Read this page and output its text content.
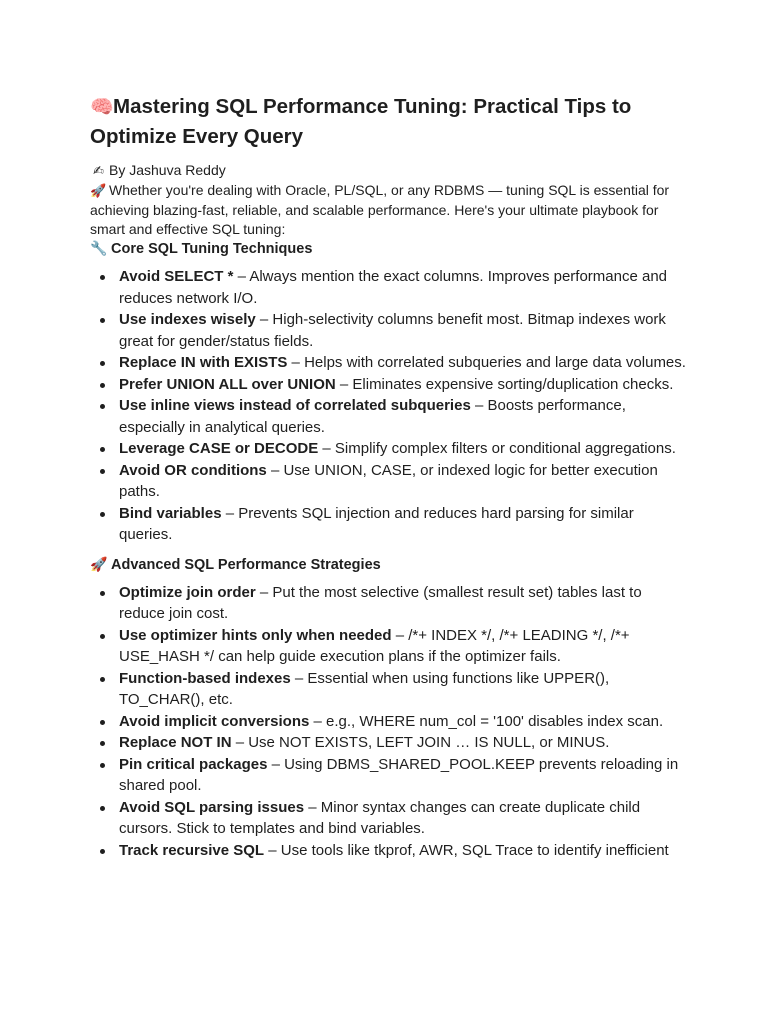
🧠Mastering SQL Performance Tuning: Practical Tips to Optimize Every Query
✍ By Jashuva Reddy
🚀 Whether you're dealing with Oracle, PL/SQL, or any RDBMS — tuning SQL is essential for achieving blazing-fast, reliable, and scalable performance. Here's your ultimate playbook for smart and effective SQL tuning:
🔧 Core SQL Tuning Techniques
Avoid SELECT * – Always mention the exact columns. Improves performance and reduces network I/O.
Use indexes wisely – High-selectivity columns benefit most. Bitmap indexes work great for gender/status fields.
Replace IN with EXISTS – Helps with correlated subqueries and large data volumes.
Prefer UNION ALL over UNION – Eliminates expensive sorting/duplication checks.
Use inline views instead of correlated subqueries – Boosts performance, especially in analytical queries.
Leverage CASE or DECODE – Simplify complex filters or conditional aggregations.
Avoid OR conditions – Use UNION, CASE, or indexed logic for better execution paths.
Bind variables – Prevents SQL injection and reduces hard parsing for similar queries.
🚀 Advanced SQL Performance Strategies
Optimize join order – Put the most selective (smallest result set) tables last to reduce join cost.
Use optimizer hints only when needed – /*+ INDEX */, /*+ LEADING */, /*+ USE_HASH */ can help guide execution plans if the optimizer fails.
Function-based indexes – Essential when using functions like UPPER(), TO_CHAR(), etc.
Avoid implicit conversions – e.g., WHERE num_col = '100' disables index scan.
Replace NOT IN – Use NOT EXISTS, LEFT JOIN … IS NULL, or MINUS.
Pin critical packages – Using DBMS_SHARED_POOL.KEEP prevents reloading in shared pool.
Avoid SQL parsing issues – Minor syntax changes can create duplicate child cursors. Stick to templates and bind variables.
Track recursive SQL – Use tools like tkprof, AWR, SQL Trace to identify inefficient
